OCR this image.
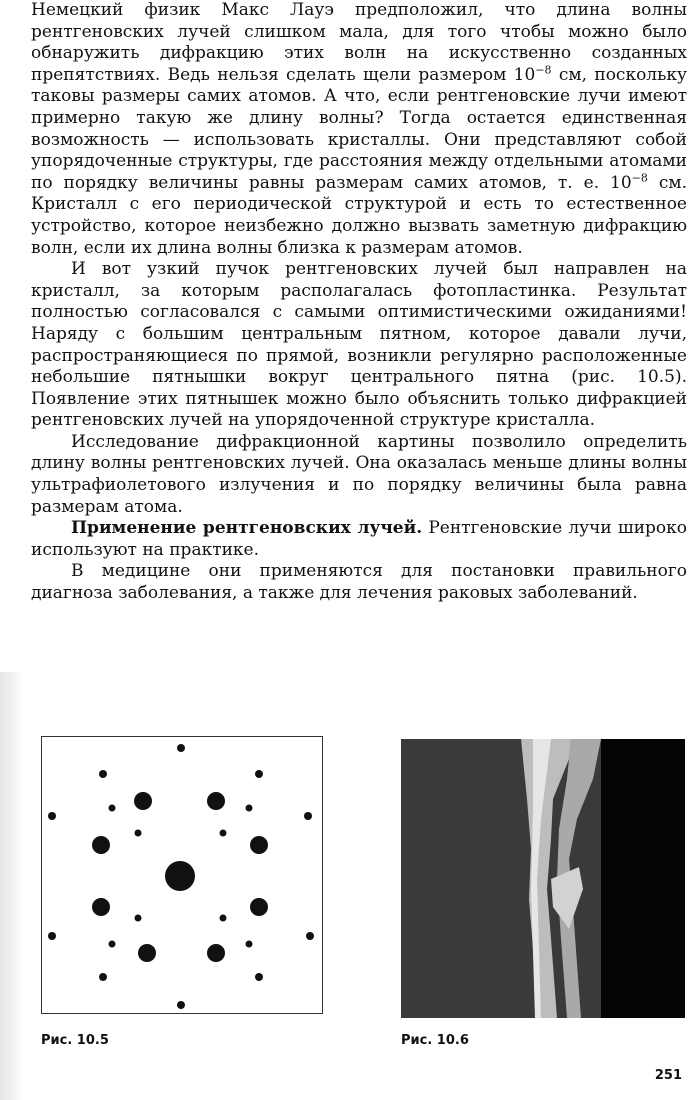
Немецкий физик Макс Лауэ предположил, что длина волны рентгеновских лучей слишком мала, для того чтобы можно было обнаружить дифракцию этих волн на искусственно созданных препятствиях. Ведь нельзя сделать щели размером $10^{-8}$ см, поскольку таковы размеры самих атомов. А что, если рентгеновские лучи имеют примерно такую же длину волны? Тогда остается единственная возможность — использовать кристаллы. Они представляют собой упорядоченные структуры, где расстояния между отдельными атомами по порядку величины равны размерам самих атомов, т. е. $10^{-8}$ см. Кристалл с его периодической структурой и есть то естественное устройство, которое неизбежно должно вызвать заметную дифракцию волн, если их длина волны близка к размерам атомов.

И вот узкий пучок рентгеновских лучей был направлен на кристалл, за которым располагалась фотопластинка. Результат полностью согласовался с самыми оптимистическими ожиданиями! Наряду с большим центральным пятном, которое давали лучи, распространяющиеся по прямой, возникли регулярно расположенные небольшие пятнышки вокруг центрального пятна (рис. 10.5). Появление этих пятнышек можно было объяснить только дифракцией рентгеновских лучей на упорядоченной структуре кристалла.

Исследование дифракционной картины позволило определить длину волны рентгеновских лучей. Она оказалась меньше длины волны ультрафиолетового излучения и по порядку величины была равна размерам атома.

Применение рентгеновских лучей. Рентгеновские лучи широко используют на практике.

В медицине они применяются для постановки правильного диагноза заболевания, а также для лечения раковых заболеваний.

Рис. 10.5	Рис. 10.6
251
